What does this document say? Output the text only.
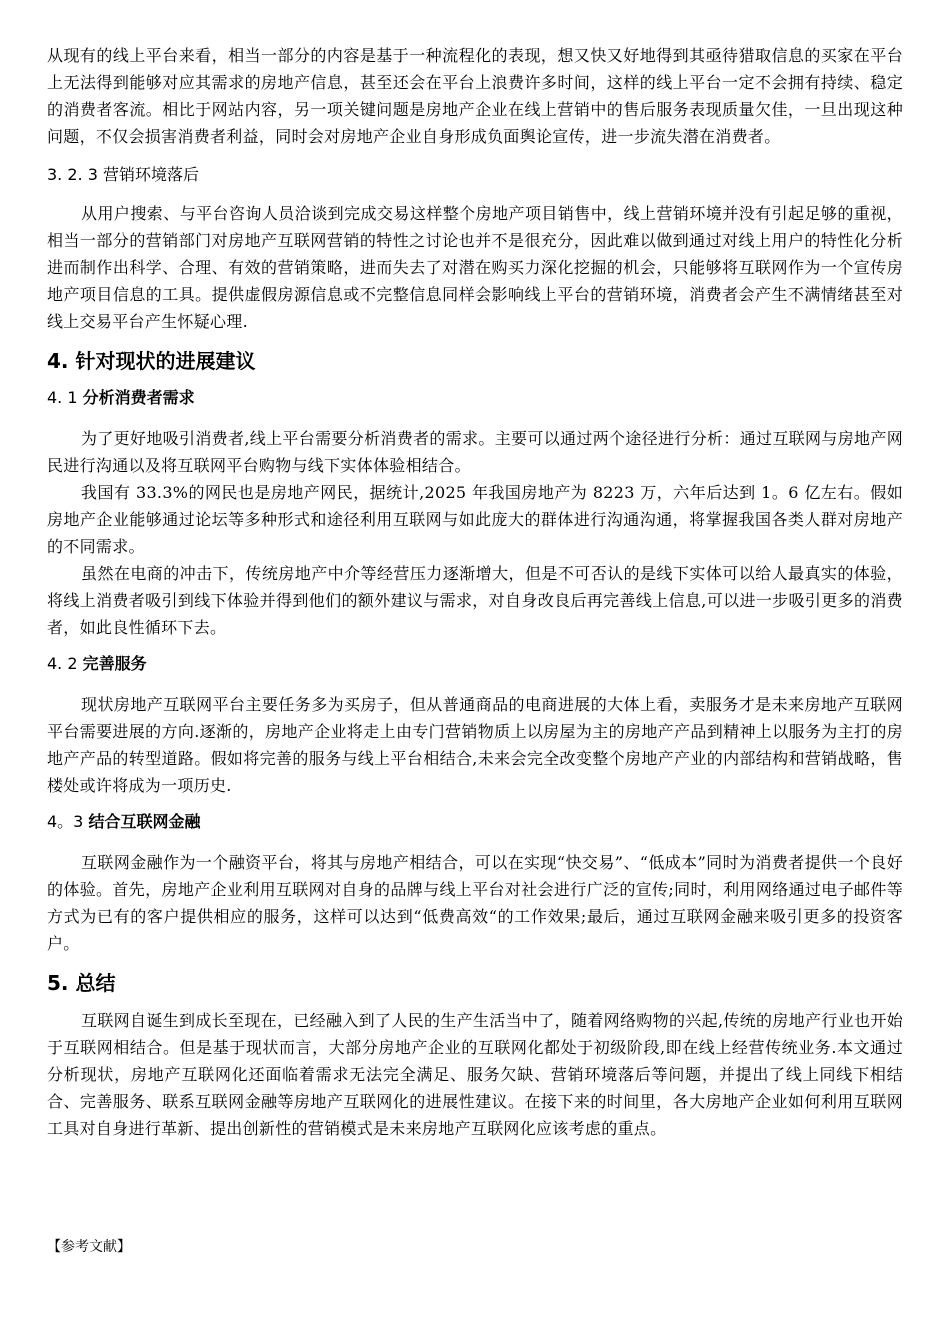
从现有的线上平台来看，相当一部分的内容是基于一种流程化的表现，想又快又好地得到其亟待猎取信息的买家在平台上无法得到能够对应其需求的房地产信息，甚至还会在平台上浪费许多时间，这样的线上平台一定不会拥有持续、稳定的消费者客流。相比于网站内容，另一项关键问题是房地产企业在线上营销中的售后服务表现质量欠佳，一旦出现这种问题，不仅会损害消费者利益，同时会对房地产企业自身形成负面舆论宣传，进一步流失潜在消费者。

3. 2. 3 营销环境落后

从用户搜索、与平台咨询人员洽谈到完成交易这样整个房地产项目销售中，线上营销环境并没有引起足够的重视，相当一部分的营销部门对房地产互联网营销的特性之讨论也并不是很充分，因此难以做到通过对线上用户的特性化分析进而制作出科学、合理、有效的营销策略，进而失去了对潜在购买力深化挖掘的机会，只能够将互联网作为一个宣传房地产项目信息的工具。提供虚假房源信息或不完整信息同样会影响线上平台的营销环境，消费者会产生不满情绪甚至对线上交易平台产生怀疑心理.

4. 针对现状的进展建议
4. 1 分析消费者需求

为了更好地吸引消费者,线上平台需要分析消费者的需求。主要可以通过两个途径进行分析：通过互联网与房地产网民进行沟通以及将互联网平台购物与线下实体体验相结合。

我国有 33.3%的网民也是房地产网民，据统计,2025 年我国房地产为 8223 万，六年后达到 1。6 亿左右。假如房地产企业能够通过论坛等多种形式和途径利用互联网与如此庞大的群体进行沟通沟通，将掌握我国各类人群对房地产的不同需求。

虽然在电商的冲击下，传统房地产中介等经营压力逐渐增大，但是不可否认的是线下实体可以给人最真实的体验，将线上消费者吸引到线下体验并得到他们的额外建议与需求，对自身改良后再完善线上信息,可以进一步吸引更多的消费者，如此良性循环下去。

4. 2 完善服务

现状房地产互联网平台主要任务多为买房子，但从普通商品的电商进展的大体上看，卖服务才是未来房地产互联网平台需要进展的方向.逐渐的，房地产企业将走上由专门营销物质上以房屋为主的房地产产品到精神上以服务为主打的房地产产品的转型道路。假如将完善的服务与线上平台相结合,未来会完全改变整个房地产产业的内部结构和营销战略，售楼处或许将成为一项历史.

4。3 结合互联网金融

互联网金融作为一个融资平台，将其与房地产相结合，可以在实现“快交易”、“低成本”同时为消费者提供一个良好的体验。首先，房地产企业利用互联网对自身的品牌与线上平台对社会进行广泛的宣传;同时，利用网络通过电子邮件等方式为已有的客户提供相应的服务，这样可以达到“低费高效“的工作效果;最后，通过互联网金融来吸引更多的投资客户。

5. 总结

互联网自诞生到成长至现在，已经融入到了人民的生产生活当中了，随着网络购物的兴起,传统的房地产行业也开始于互联网相结合。但是基于现状而言，大部分房地产企业的互联网化都处于初级阶段,即在线上经营传统业务.本文通过分析现状，房地产互联网化还面临着需求无法完全满足、服务欠缺、营销环境落后等问题，并提出了线上同线下相结合、完善服务、联系互联网金融等房地产互联网化的进展性建议。在接下来的时间里，各大房地产企业如何利用互联网工具对自身进行革新、提出创新性的营销模式是未来房地产互联网化应该考虑的重点。

【参考文献】
